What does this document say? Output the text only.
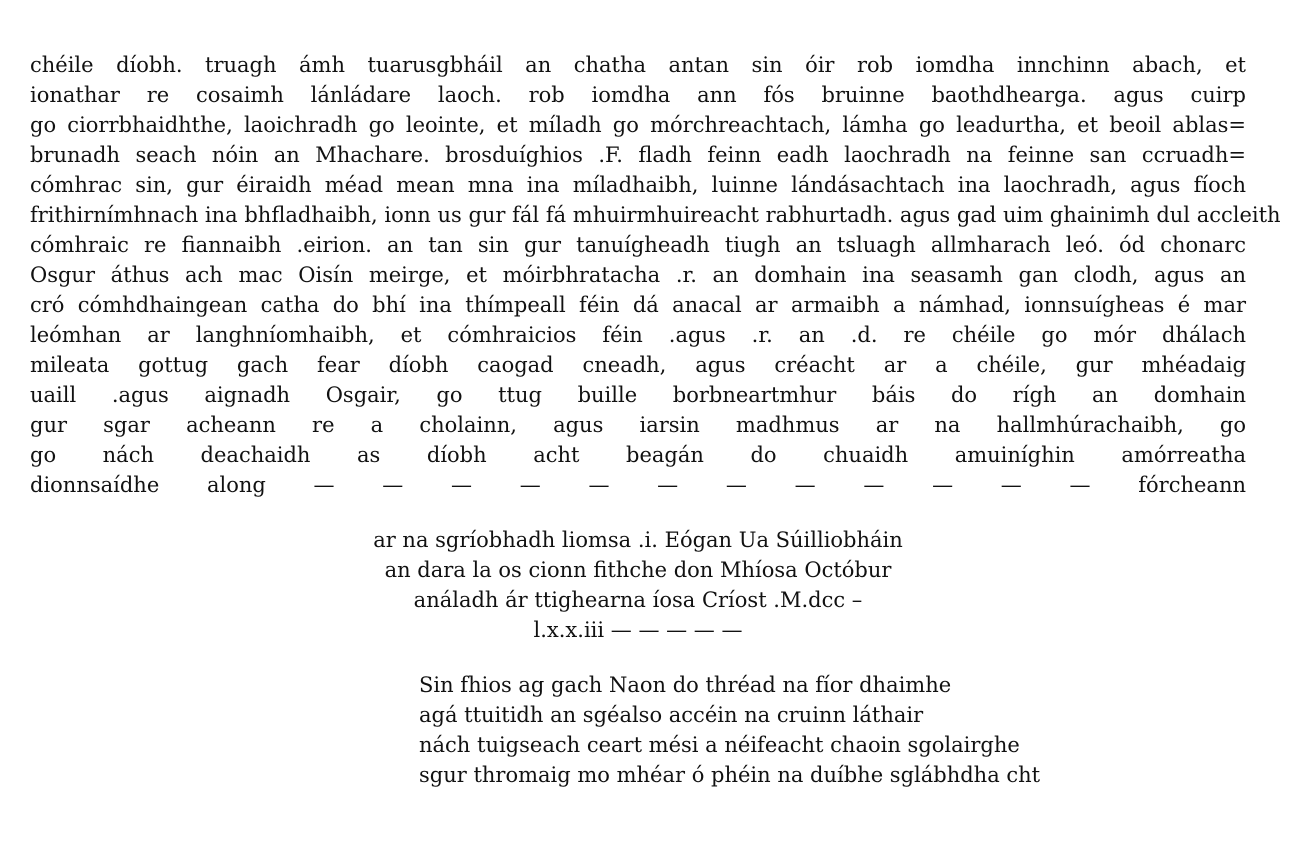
chéile díobh. truagh ámh tuarusgbháil an chatha antan sin óir rob iomdha innchinn abach, et
ionathar re cosaimh lánládare laoch. rob iomdha ann fós bruinne baothdhearga. agus cuirp
go ciorrbhaidhthe, laoichradh go leointe, et míladh go mórchreachtach, lámha go leadurtha, et beoil ablas=
brunadh seach nóin an Mhachare. brosduíghios .F. fladh feinn eadh laochradh na feinne san ccruadh=
cómhrac sin, gur éiraidh méad mean mna ina míladhaibh, luinne lándásachtach ina laochradh, agus fíoch
frithirnímhnach ina bhfladhaibh, ionn us gur fál fá mhuirmhuireacht rabhurtadh. agus gad uim ghainimh dul accleith
cómhraic re fiannaibh .eirion. an tan sin gur tanuígheadh tiugh an tsluagh allmharach leó. ód chonarc
Osgur áthus ach mac Oisín meirge, et móirbhratacha .r. an domhain ina seasamh gan clodh, agus an
cró cómhdhaingean catha do bhí ina thímpeall féin dá anacal ar armaibh a námhad, ionnsuígheas é mar
leómhan ar langhníomhaibh, et cómhraicios féin .agus .r. an .d. re chéile go mór dhálach
mileata gottug gach fear díobh caogad cneadh, agus créacht ar a chéile, gur mhéadaig
uaill .agus aignadh Osgair, go ttug buille borbneartmhur báis do rígh an domhain
gur sgar acheann re a cholainn, agus iarsin madhmus ar na hallmhúrachaibh, go
go nách deachaidh as díobh acht beagán do chuaidh amuiníghin amórreatha
dionnsaídhe along — — — — — — — — — — — — fórcheann
ar na sgríobhadh liomsa .i. Eógan Ua Súilliobháin
an dara la os cionn fithche don Mhíosa Octóbur
análadh ár ttighearna íosa Críost .M.dcc –
l.x.x.iii — — — — —
Sin fhios ag gach Naon do thréad na fíor dhaimhe
agá ttuitidh an sgéalso accéin na cruinn láthair
nách tuigseach ceart mési a néifeacht chaoin sgolairghe
sgur thromaig mo mhéar ó phéin na duíbhe sglábhdha cht
